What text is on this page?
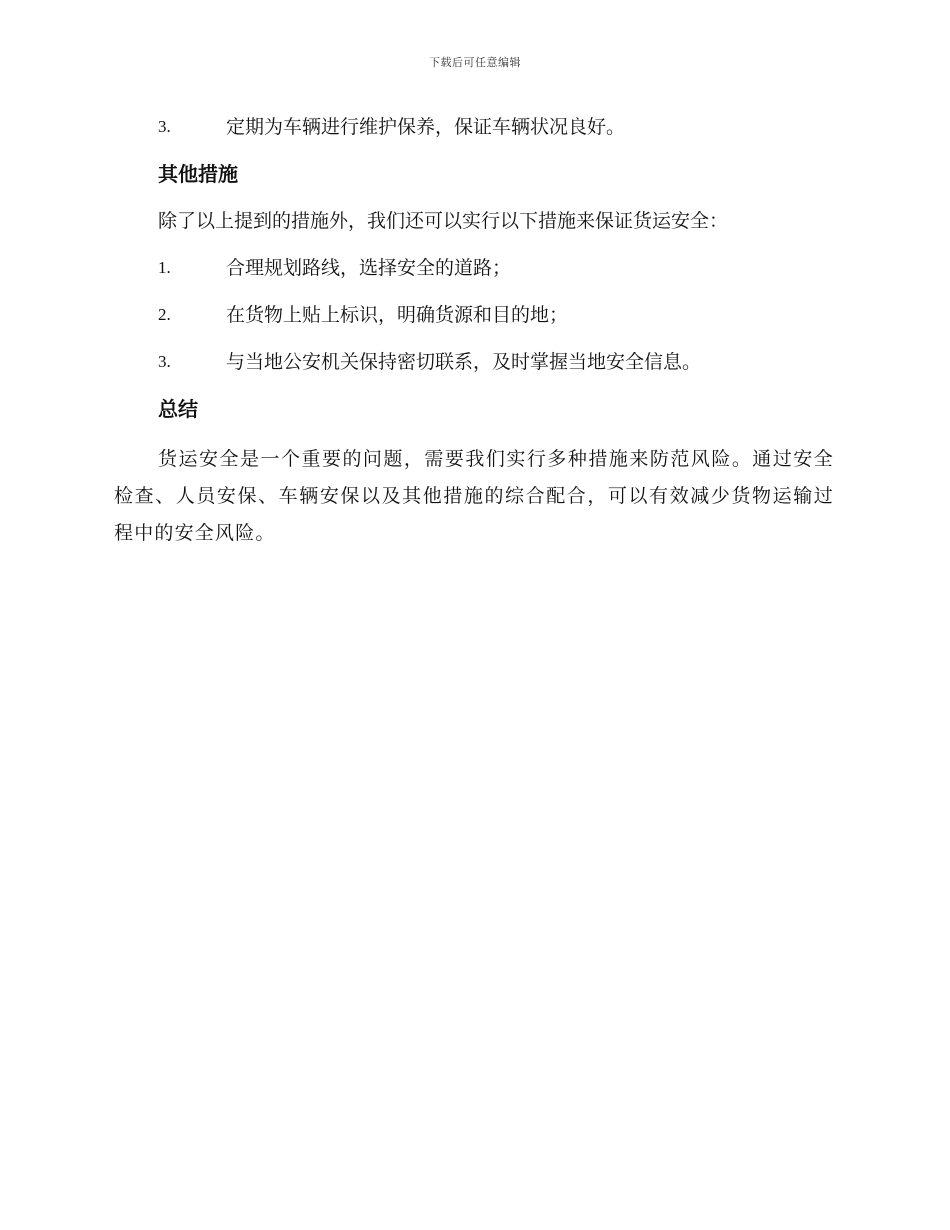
下载后可任意编辑
3.	定期为车辆进行维护保养，保证车辆状况良好。
其他措施
除了以上提到的措施外，我们还可以实行以下措施来保证货运安全：
1.	合理规划路线，选择安全的道路；
2.	在货物上贴上标识，明确货源和目的地；
3.	与当地公安机关保持密切联系，及时掌握当地安全信息。
总结

货运安全是一个重要的问题，需要我们实行多种措施来防范风险。通过安全检查、人员安保、车辆安保以及其他措施的综合配合，可以有效减少货物运输过程中的安全风险。
